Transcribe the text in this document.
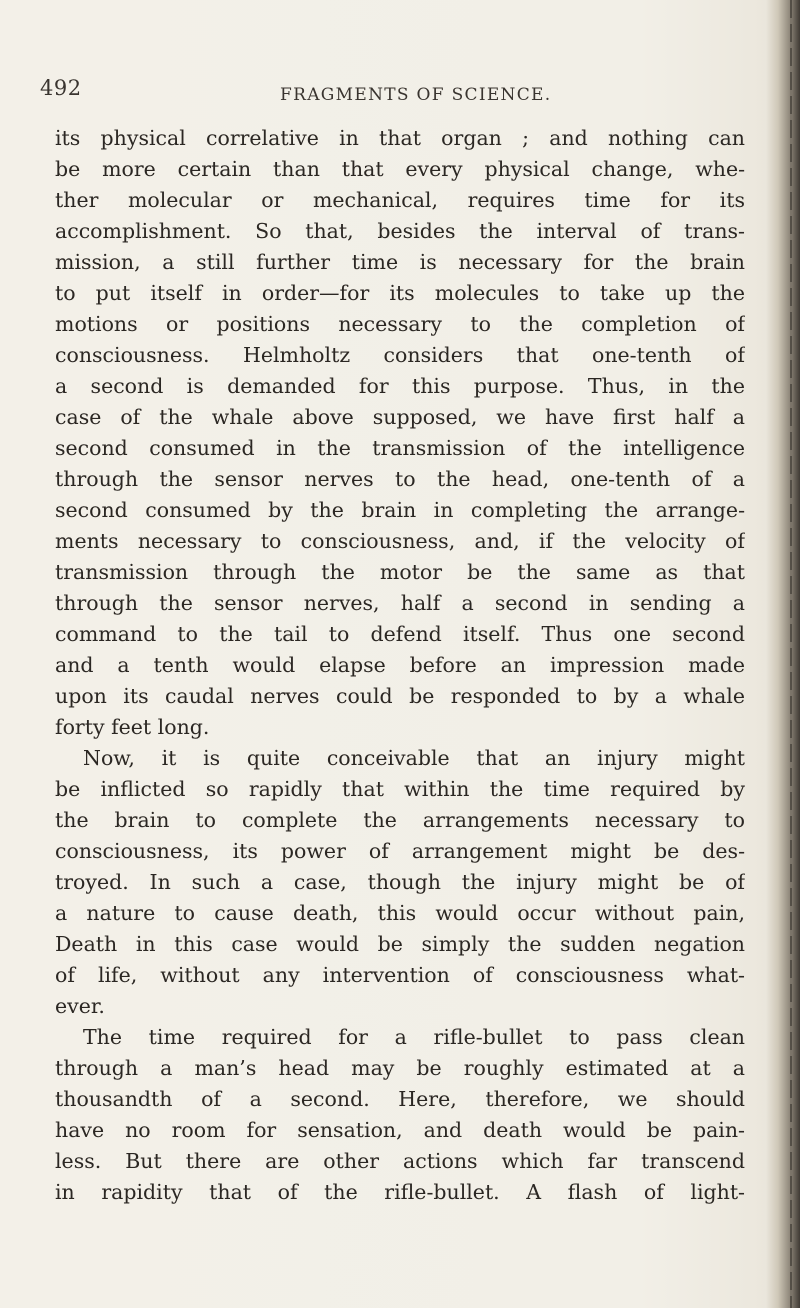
492	FRAGMENTS OF SCIENCE.
its physical correlative in that organ ; and nothing can
be more certain than that every physical change, whe-
ther molecular or mechanical, requires time for its
accomplishment. So that, besides the interval of trans-
mission, a still further time is necessary for the brain
to put itself in order—for its molecules to take up the
motions or positions necessary to the completion of
consciousness. Helmholtz considers that one-tenth of
a second is demanded for this purpose. Thus, in the
case of the whale above supposed, we have first half a
second consumed in the transmission of the intelligence
through the sensor nerves to the head, one-tenth of a
second consumed by the brain in completing the arrange-
ments necessary to consciousness, and, if the velocity of
transmission through the motor be the same as that
through the sensor nerves, half a second in sending a
command to the tail to defend itself. Thus one second
and a tenth would elapse before an impression made
upon its caudal nerves could be responded to by a whale
forty feet long.
Now, it is quite conceivable that an injury might
be inflicted so rapidly that within the time required by
the brain to complete the arrangements necessary to
consciousness, its power of arrangement might be des-
troyed. In such a case, though the injury might be of
a nature to cause death, this would occur without pain,
Death in this case would be simply the sudden negation
of life, without any intervention of consciousness what-
ever.
The time required for a rifle-bullet to pass clean
through a man’s head may be roughly estimated at a
thousandth of a second. Here, therefore, we should
have no room for sensation, and death would be pain-
less. But there are other actions which far transcend
in rapidity that of the rifle-bullet. A flash of light-
